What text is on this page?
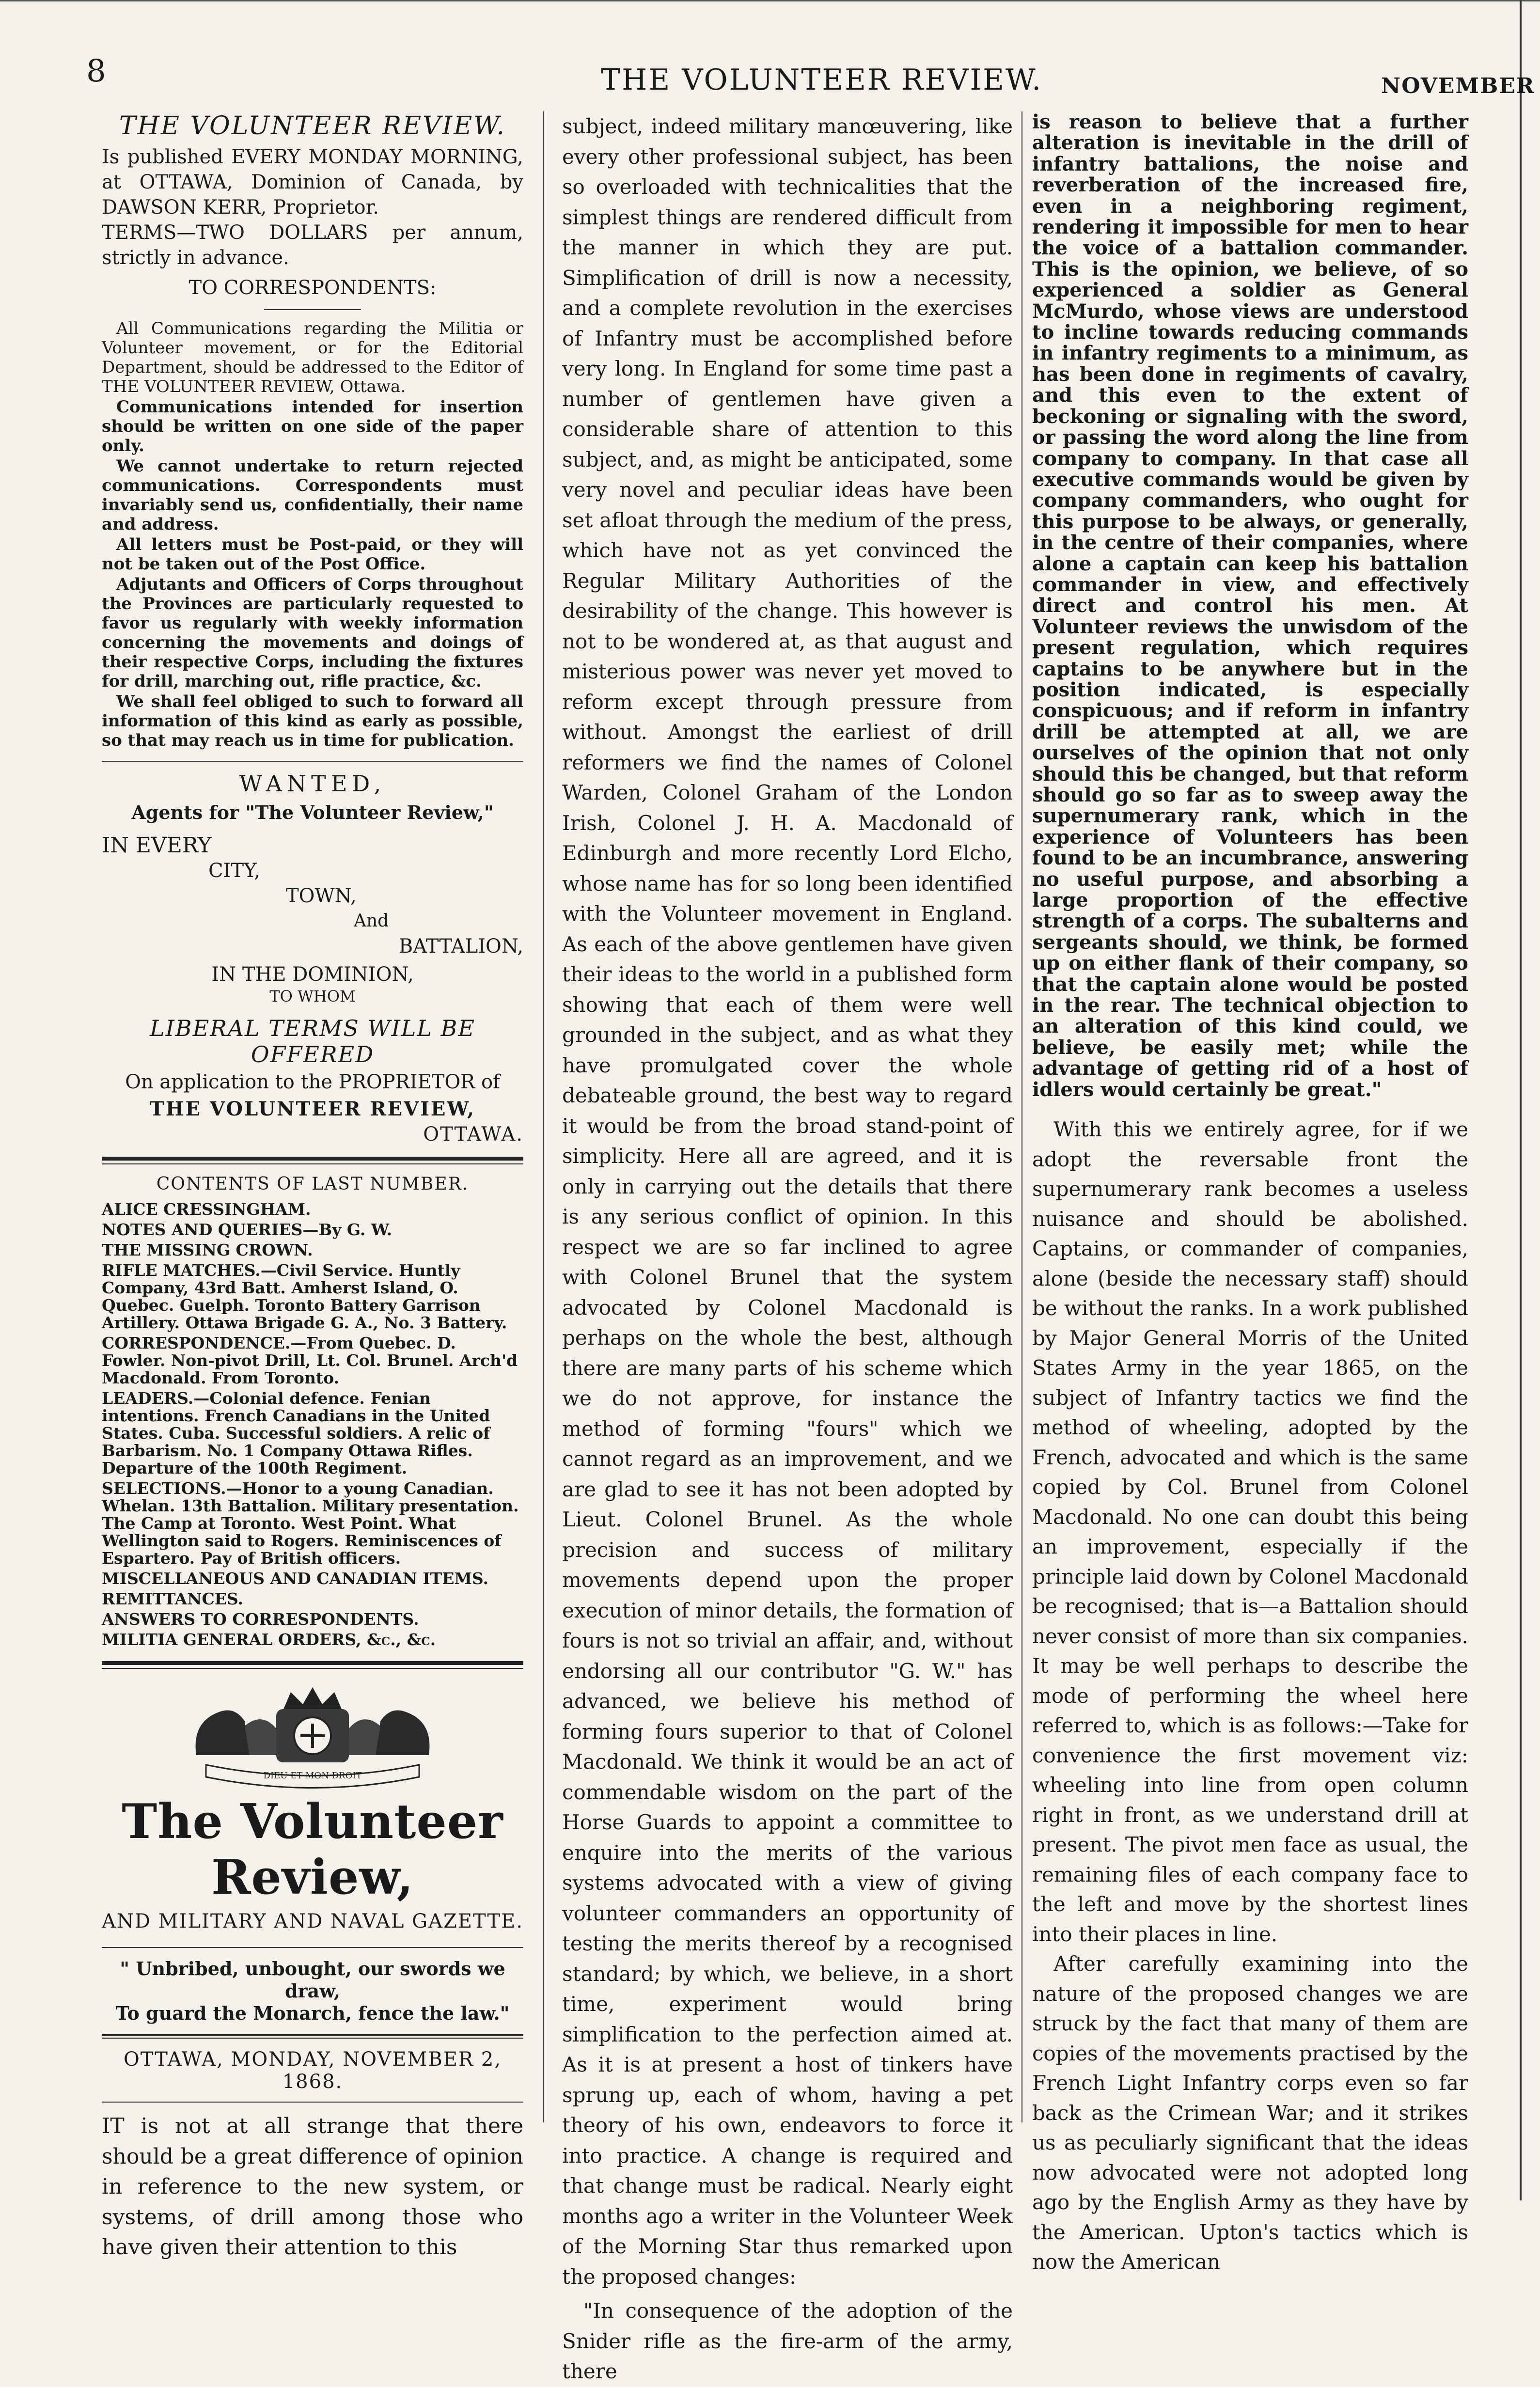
8	THE VOLUNTEER REVIEW.	NOVEMBER

THE VOLUNTEER REVIEW.

Is published EVERY MONDAY MORNING, at OTTAWA, Dominion of Canada, by DAWSON KERR, Proprietor.

TERMS—TWO DOLLARS per annum, strictly in advance.

TO CORRESPONDENTS:

All Communications regarding the Militia or Volunteer movement, or for the Editorial Department, should be addressed to the Editor of THE VOLUNTEER REVIEW, Ottawa.

Communications intended for insertion should be written on one side of the paper only.

We cannot undertake to return rejected communications. Correspondents must invariably send us, confidentially, their name and address.

All letters must be Post-paid, or they will not be taken out of the Post Office.

Adjutants and Officers of Corps throughout the Provinces are particularly requested to favor us regularly with weekly information concerning the movements and doings of their respective Corps, including the fixtures for drill, marching out, rifle practice, &c.

We shall feel obliged to such to forward all information of this kind as early as possible, so that may reach us in time for publication.

WANTED,

Agents for "The Volunteer Review,"

IN EVERY

CITY,

TOWN,

And

BATTALION,

IN THE DOMINION,

TO WHOM

LIBERAL TERMS WILL BE OFFERED

On application to the PROPRIETOR of

THE VOLUNTEER REVIEW,

OTTAWA.

CONTENTS OF LAST NUMBER.

ALICE CRESSINGHAM.

NOTES AND QUERIES—By G. W.

THE MISSING CROWN.

RIFLE MATCHES.—Civil Service. Huntly Company, 43rd Batt. Amherst Island, O. Quebec. Guelph. Toronto Battery Garrison Artillery. Ottawa Brigade G. A., No. 3 Battery.

CORRESPONDENCE.—From Quebec. D. Fowler. Non-pivot Drill, Lt. Col. Brunel. Arch'd Macdonald. From Toronto.

LEADERS.—Colonial defence. Fenian intentions. French Canadians in the United States. Cuba. Successful soldiers. A relic of Barbarism. No. 1 Company Ottawa Rifles. Departure of the 100th Regiment.

SELECTIONS.—Honor to a young Canadian. Whelan. 13th Battalion. Military presentation. The Camp at Toronto. West Point. What Wellington said to Rogers. Reminiscences of Espartero. Pay of British officers.

MISCELLANEOUS AND CANADIAN ITEMS.

REMITTANCES.

ANSWERS TO CORRESPONDENTS.

MILITIA GENERAL ORDERS, &c., &c.

DIEU ET MON DROIT

The Volunteer Review,

AND MILITARY AND NAVAL GAZETTE.

" Unbribed, unbought, our swords we draw,
To guard the Monarch, fence the law."

OTTAWA, MONDAY, NOVEMBER 2, 1868.

IT is not at all strange that there should be a great difference of opinion in reference to the new system, or systems, of drill among those who have given their attention to this

subject, indeed military manœuvering, like every other professional subject, has been so overloaded with technicalities that the simplest things are rendered difficult from the manner in which they are put. Simplification of drill is now a necessity, and a complete revolution in the exercises of Infantry must be accomplished before very long. In England for some time past a number of gentlemen have given a considerable share of attention to this subject, and, as might be anticipated, some very novel and peculiar ideas have been set afloat through the medium of the press, which have not as yet convinced the Regular Military Authorities of the desirability of the change. This however is not to be wondered at, as that august and misterious power was never yet moved to reform except through pressure from without. Amongst the earliest of drill reformers we find the names of Colonel Warden, Colonel Graham of the London Irish, Colonel J. H. A. Macdonald of Edinburgh and more recently Lord Elcho, whose name has for so long been identified with the Volunteer movement in England. As each of the above gentlemen have given their ideas to the world in a published form showing that each of them were well grounded in the subject, and as what they have promulgated cover the whole debateable ground, the best way to regard it would be from the broad stand-point of simplicity. Here all are agreed, and it is only in carrying out the details that there is any serious conflict of opinion. In this respect we are so far inclined to agree with Colonel Brunel that the system advocated by Colonel Macdonald is perhaps on the whole the best, although there are many parts of his scheme which we do not approve, for instance the method of forming "fours" which we cannot regard as an improvement, and we are glad to see it has not been adopted by Lieut. Colonel Brunel. As the whole precision and success of military movements depend upon the proper execution of minor details, the formation of fours is not so trivial an affair, and, without endorsing all our contributor "G. W." has advanced, we believe his method of forming fours superior to that of Colonel Macdonald. We think it would be an act of commendable wisdom on the part of the Horse Guards to appoint a committee to enquire into the merits of the various systems advocated with a view of giving volunteer commanders an opportunity of testing the merits thereof by a recognised standard; by which, we believe, in a short time, experiment would bring simplification to the perfection aimed at. As it is at present a host of tinkers have sprung up, each of whom, having a pet theory of his own, endeavors to force it into practice. A change is required and that change must be radical. Nearly eight months ago a writer in the Volunteer Week of the Morning Star thus remarked upon the proposed changes:

"In consequence of the adoption of the Snider rifle as the fire-arm of the army, there

is reason to believe that a further alteration is inevitable in the drill of infantry battalions, the noise and reverberation of the increased fire, even in a neighboring regiment, rendering it impossible for men to hear the voice of a battalion commander. This is the opinion, we believe, of so experienced a soldier as General McMurdo, whose views are understood to incline towards reducing commands in infantry regiments to a minimum, as has been done in regiments of cavalry, and this even to the extent of beckoning or signaling with the sword, or passing the word along the line from company to company. In that case all executive commands would be given by company commanders, who ought for this purpose to be always, or generally, in the centre of their companies, where alone a captain can keep his battalion commander in view, and effectively direct and control his men. At Volunteer reviews the unwisdom of the present regulation, which requires captains to be anywhere but in the position indicated, is especially conspicuous; and if reform in infantry drill be attempted at all, we are ourselves of the opinion that not only should this be changed, but that reform should go so far as to sweep away the supernumerary rank, which in the experience of Volunteers has been found to be an incumbrance, answering no useful purpose, and absorbing a large proportion of the effective strength of a corps. The subalterns and sergeants should, we think, be formed up on either flank of their company, so that the captain alone would be posted in the rear. The technical objection to an alteration of this kind could, we believe, be easily met; while the advantage of getting rid of a host of idlers would certainly be great."

With this we entirely agree, for if we adopt the reversable front the supernumerary rank becomes a useless nuisance and should be abolished. Captains, or commander of companies, alone (beside the necessary staff) should be without the ranks. In a work published by Major General Morris of the United States Army in the year 1865, on the subject of Infantry tactics we find the method of wheeling, adopted by the French, advocated and which is the same copied by Col. Brunel from Colonel Macdonald. No one can doubt this being an improvement, especially if the principle laid down by Colonel Macdonald be recognised; that is—a Battalion should never consist of more than six companies. It may be well perhaps to describe the mode of performing the wheel here referred to, which is as follows:—Take for convenience the first movement viz: wheeling into line from open column right in front, as we understand drill at present. The pivot men face as usual, the remaining files of each company face to the left and move by the shortest lines into their places in line.

After carefully examining into the nature of the proposed changes we are struck by the fact that many of them are copies of the movements practised by the French Light Infantry corps even so far back as the Crimean War; and it strikes us as peculiarly significant that the ideas now advocated were not adopted long ago by the English Army as they have by the American. Upton's tactics which is now the American
